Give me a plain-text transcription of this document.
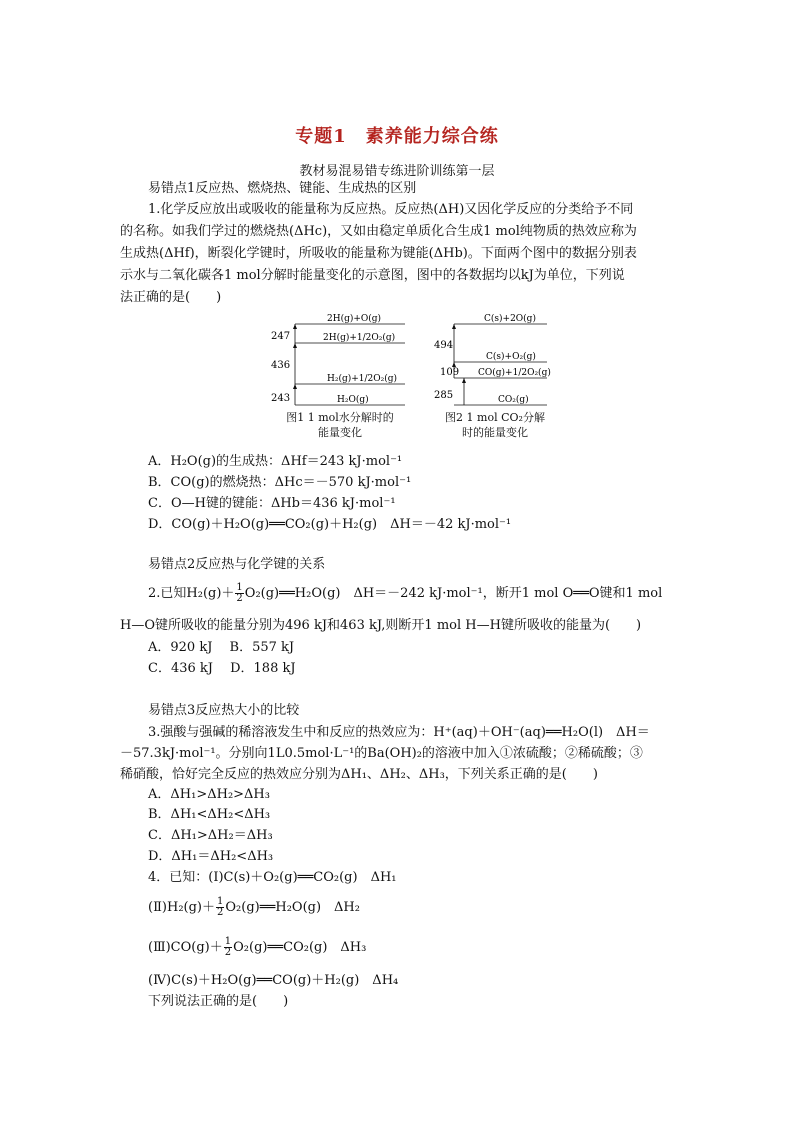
专题1　素养能力综合练
教材易混易错专练进阶训练第一层
易错点1反应热、燃烧热、键能、生成热的区别
1.化学反应放出或吸收的能量称为反应热。反应热(ΔH)又因化学反应的分类给予不同
的名称。如我们学过的燃烧热(ΔHc)，又如由稳定单质化合生成1 mol纯物质的热效应称为
生成热(ΔHf)，断裂化学键时，所吸收的能量称为键能(ΔHb)。下面两个图中的数据分别表
示水与二氧化碳各1 mol分解时能量变化的示意图，图中的各数据均以kJ为单位，下列说
法正确的是(　　)
2H(g)+O(g)
2H(g)+1/2O₂(g)
H₂(g)+1/2O₂(g)
H₂O(g)
247
436
243
图1 1 mol水分解时的
能量变化
C(s)+2O(g)
C(s)+O₂(g)
CO(g)+1/2O₂(g)
CO₂(g)
494
109
285
图2 1 mol CO₂分解
时的能量变化
A．H₂O(g)的生成热：ΔHf＝243 kJ·mol⁻¹
B．CO(g)的燃烧热：ΔHc＝－570 kJ·mol⁻¹
C．O—H键的键能：ΔHb＝436 kJ·mol⁻¹
D．CO(g)＋H₂O(g)══CO₂(g)＋H₂(g)　ΔH＝－42 kJ·mol⁻¹
易错点2反应热与化学键的关系
2.已知$H_2(g)+ \frac{1}{2}$ O₂(g)══H₂O(g)　ΔH＝－242 kJ·mol⁻¹，断开1 mol O══O键和1 mol
H—O键所吸收的能量分别为496 kJ和463 kJ,则断开1 mol H—H键所吸收的能量为(　　)
A．920 kJ　 B．557 kJ
C．436 kJ　 D．188 kJ
易错点3反应热大小的比较
3.强酸与强碱的稀溶液发生中和反应的热效应为：H⁺(aq)＋OH⁻(aq)══H₂O(l)　ΔH＝
－57.3kJ·mol⁻¹。分别向1L0.5mol·L⁻¹的Ba(OH)₂的溶液中加入①浓硫酸；②稀硫酸；③
稀硝酸，恰好完全反应的热效应分别为ΔH₁、ΔH₂、ΔH₃，下列关系正确的是(　　)
A．ΔH₁>ΔH₂>ΔH₃
B．ΔH₁<ΔH₂<ΔH₃
C．ΔH₁>ΔH₂＝ΔH₃
D．ΔH₁＝ΔH₂<ΔH₃
4．已知：(Ⅰ)C(s)＋O₂(g)══CO₂(g)　ΔH₁
(Ⅱ)H₂(g)＋ $\frac{1}{2}$ O₂(g)══H₂O(g)　ΔH₂
(Ⅲ)CO(g)＋ $\frac{1}{2}$ O₂(g)══CO₂(g)　ΔH₃
(Ⅳ)C(s)＋H₂O(g)══CO(g)＋H₂(g)　ΔH₄
下列说法正确的是(　　)
